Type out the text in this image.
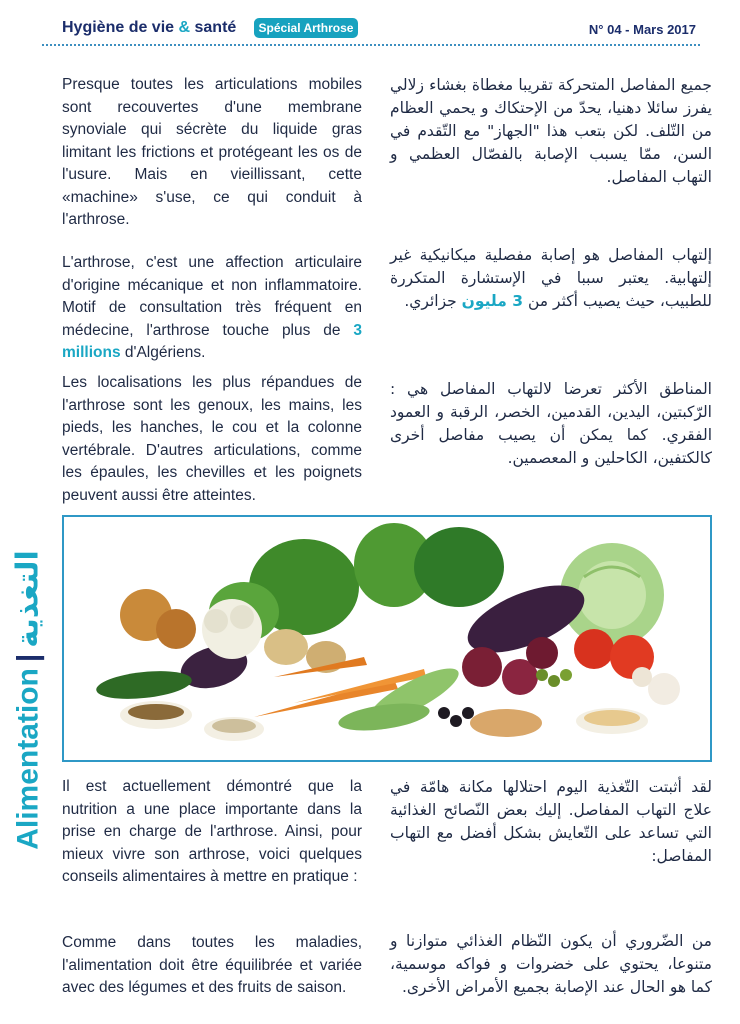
Hygiène de vie & santé	Spécial Arthrose	N° 04 - Mars 2017
Alimentation|التغذية
Presque toutes les articulations mobiles sont recouvertes d'une membrane synoviale qui sécrète du liquide gras limitant les frictions et protégeant les os de l'usure. Mais en vieillissant, cette «machine» s'use, ce qui conduit à l'arthrose.
L'arthrose, c'est une affection articulaire d'origine mécanique et non inflammatoire. Motif de consultation très fréquent en médecine, l'arthrose touche plus de 3 millions d'Algériens.
Les localisations les plus répandues de l'arthrose sont les genoux, les mains, les pieds, les hanches, le cou et la colonne vertébrale. D'autres articulations, comme les épaules, les chevilles et les poignets peuvent aussi être atteintes.
Il est actuellement démontré que la nutrition a une place importante dans la prise en charge de l'arthrose. Ainsi, pour mieux vivre son arthrose, voici quelques conseils alimentaires à mettre en pratique :
Comme dans toutes les maladies, l'alimentation doit être équilibrée et variée avec des légumes et des fruits de saison.
جميع المفاصل المتحركة تقريبا مغطاة بغشاء زلالي يفرز سائلا دهنيا، يحدّ من الإحتكاك و يحمي العظام من التّلف. لكن بتعب هذا "الجهاز" مع التّقدم في السن، ممّا يسبب الإصابة بالفصّال العظمي و التهاب المفاصل.
إلتهاب المفاصل هو إصابة مفصلية ميكانيكية غير إلتهابية. يعتبر سببا في الإستشارة المتكررة للطبيب، حيث يصيب أكثر من 3 مليون جزائري.
المناطق الأكثر تعرضا لالتهاب المفاصل هي : الرّكبتين، اليدين، القدمين، الخصر، الرقبة و العمود الفقري. كما يمكن أن يصيب مفاصل أخرى كالكتفين، الكاحلين و المعصمين.
لقد أثبتت التّغذية اليوم احتلالها مكانة هامّة في علاج التهاب المفاصل. إليك بعض النّصائح الغذائية التي تساعد على التّعايش بشكل أفضل مع التهاب المفاصل:
من الضّروري أن يكون النّظام الغذائي متوازنا و متنوعا، يحتوي على خضروات و فواكه موسمية، كما هو الحال عند الإصابة بجميع الأمراض الأخرى.
